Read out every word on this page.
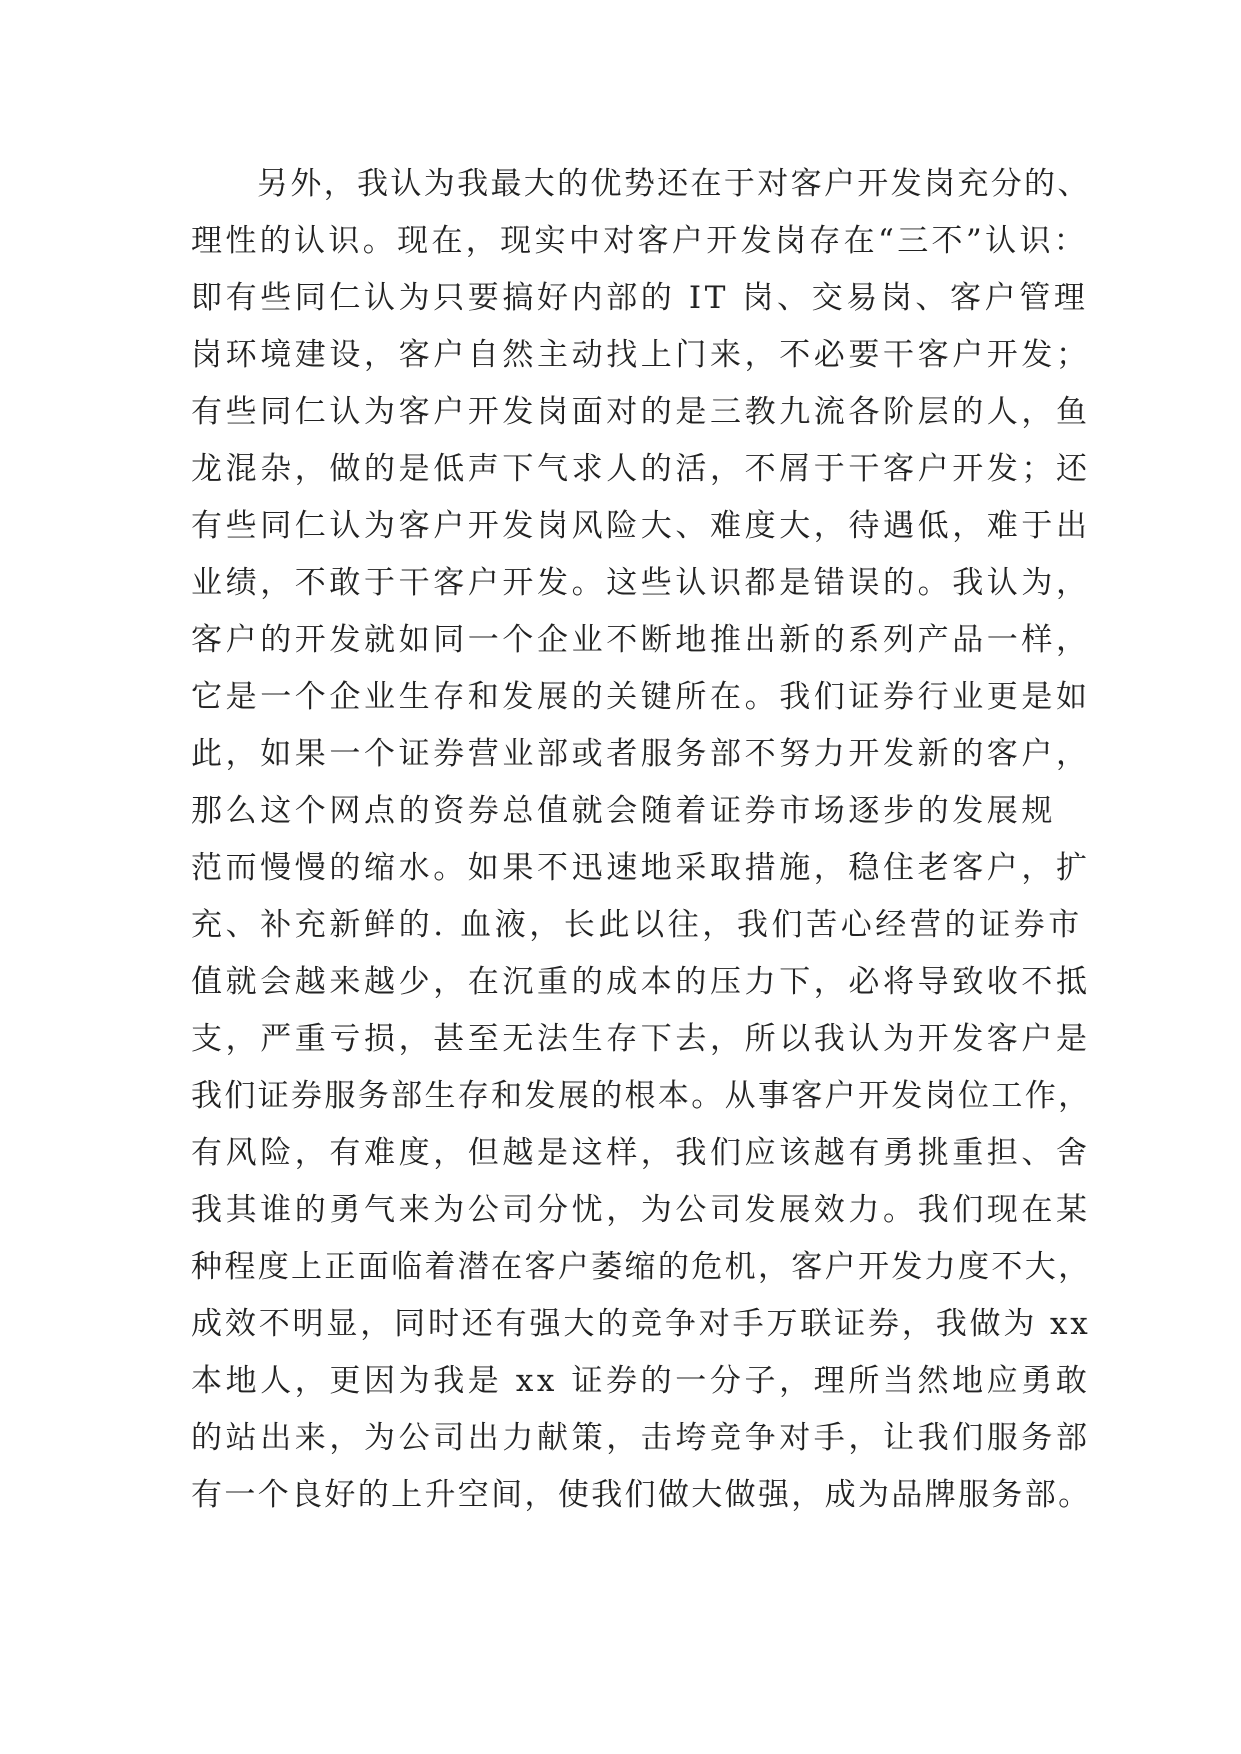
另外，我认为我最大的优势还在于对客户开发岗充分的、
理性的认识。现在，现实中对客户开发岗存在“三不”认识：
即有些同仁认为只要搞好内部的 IT 岗、交易岗、客户管理
岗环境建设，客户自然主动找上门来，不必要干客户开发；
有些同仁认为客户开发岗面对的是三教九流各阶层的人，鱼
龙混杂，做的是低声下气求人的活，不屑于干客户开发；还
有些同仁认为客户开发岗风险大、难度大，待遇低，难于出
业绩，不敢于干客户开发。这些认识都是错误的。我认为，
客户的开发就如同一个企业不断地推出新的系列产品一样，
它是一个企业生存和发展的关键所在。我们证券行业更是如
此，如果一个证券营业部或者服务部不努力开发新的客户，
那么这个网点的资券总值就会随着证券市场逐步的发展规
范而慢慢的缩水。如果不迅速地采取措施，稳住老客户，扩
充、补充新鲜的. 血液，长此以往，我们苦心经营的证券市
值就会越来越少，在沉重的成本的压力下，必将导致收不抵
支，严重亏损，甚至无法生存下去，所以我认为开发客户是
我们证券服务部生存和发展的根本。从事客户开发岗位工作，
有风险，有难度，但越是这样，我们应该越有勇挑重担、舍
我其谁的勇气来为公司分忧，为公司发展效力。我们现在某
种程度上正面临着潜在客户萎缩的危机，客户开发力度不大，
成效不明显，同时还有强大的竞争对手万联证券，我做为 xx
本地人，更因为我是 xx 证券的一分子，理所当然地应勇敢
的站出来，为公司出力献策，击垮竞争对手，让我们服务部
有一个良好的上升空间，使我们做大做强，成为品牌服务部。
